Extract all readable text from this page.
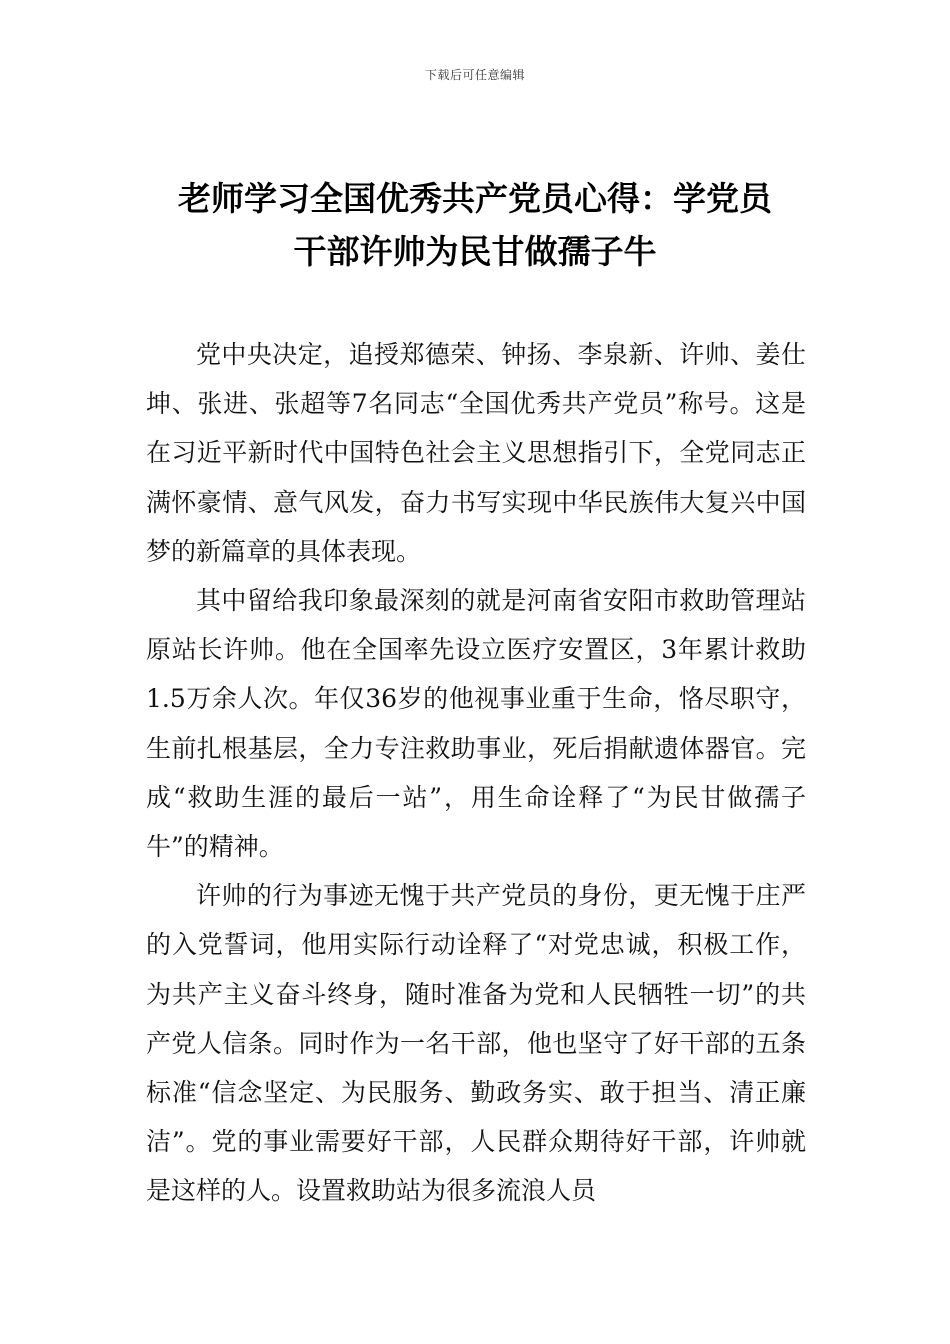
下载后可任意编辑
老师学习全国优秀共产党员心得：学党员
干部许帅为民甘做孺子牛

党中央决定，追授郑德荣、钟扬、李泉新、许帅、姜仕坤、张进、张超等7名同志“全国优秀共产党员”称号。这是在习近平新时代中国特色社会主义思想指引下，全党同志正满怀豪情、意气风发，奋力书写实现中华民族伟大复兴中国梦的新篇章的具体表现。

其中留给我印象最深刻的就是河南省安阳市救助管理站原站长许帅。他在全国率先设立医疗安置区，3年累计救助1.5万余人次。年仅36岁的他视事业重于生命，恪尽职守，生前扎根基层，全力专注救助事业，死后捐献遗体器官。完成“救助生涯的最后一站”，用生命诠释了“为民甘做孺子牛”的精神。

许帅的行为事迹无愧于共产党员的身份，更无愧于庄严的入党誓词，他用实际行动诠释了“对党忠诚，积极工作，为共产主义奋斗终身，随时准备为党和人民牺牲一切”的共产党人信条。同时作为一名干部，他也坚守了好干部的五条标准“信念坚定、为民服务、勤政务实、敢于担当、清正廉洁”。党的事业需要好干部，人民群众期待好干部，许帅就是这样的人。设置救助站为很多流浪人员
